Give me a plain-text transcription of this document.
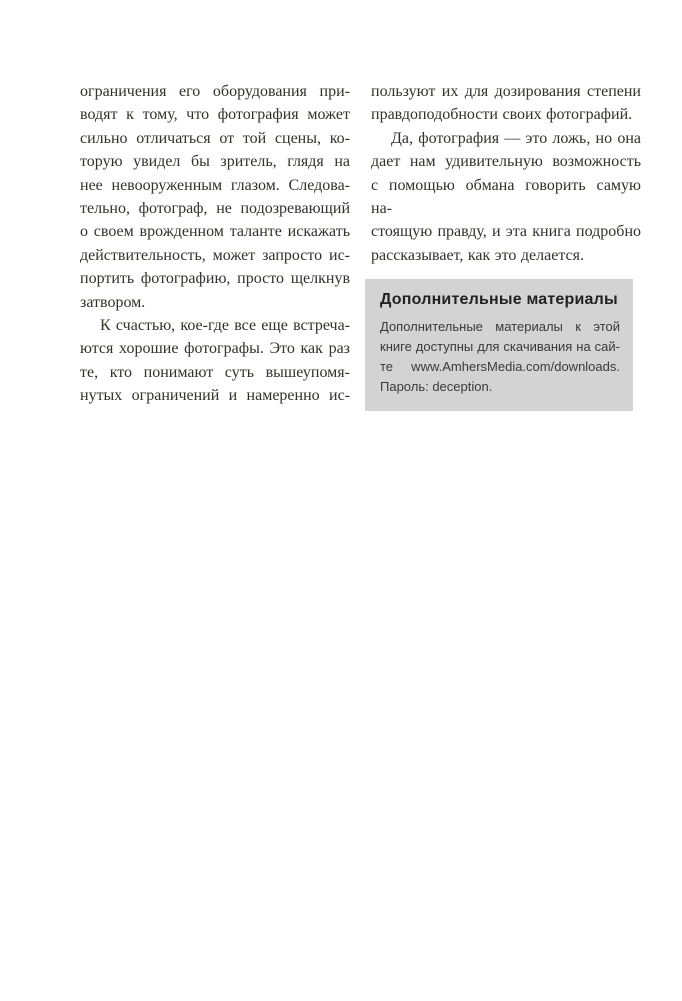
ограничения его оборудования при-
водят к тому, что фотография может
сильно отличаться от той сцены, ко-
торую увидел бы зритель, глядя на
нее невооруженным глазом. Следова-
тельно, фотограф, не подозревающий
о своем врожденном таланте искажать
действительность, может запросто ис-
портить фотографию, просто щелкнув
затвором.
К счастью, кое-где все еще встреча-
ются хорошие фотографы. Это как раз
те, кто понимают суть вышеупомя-
нутых ограничений и намеренно ис-
пользуют их для дозирования степени
правдоподобности своих фотографий.
Да, фотография — это ложь, но она
дает нам удивительную возможность
с помощью обмана говорить самую на-
стоящую правду, и эта книга подробно
рассказывает, как это делается.
Дополнительные материалы
Дополнительные материалы к этой
книге доступны для скачивания на сай-
те www.AmhersMedia.com/downloads.
Пароль: deception.
